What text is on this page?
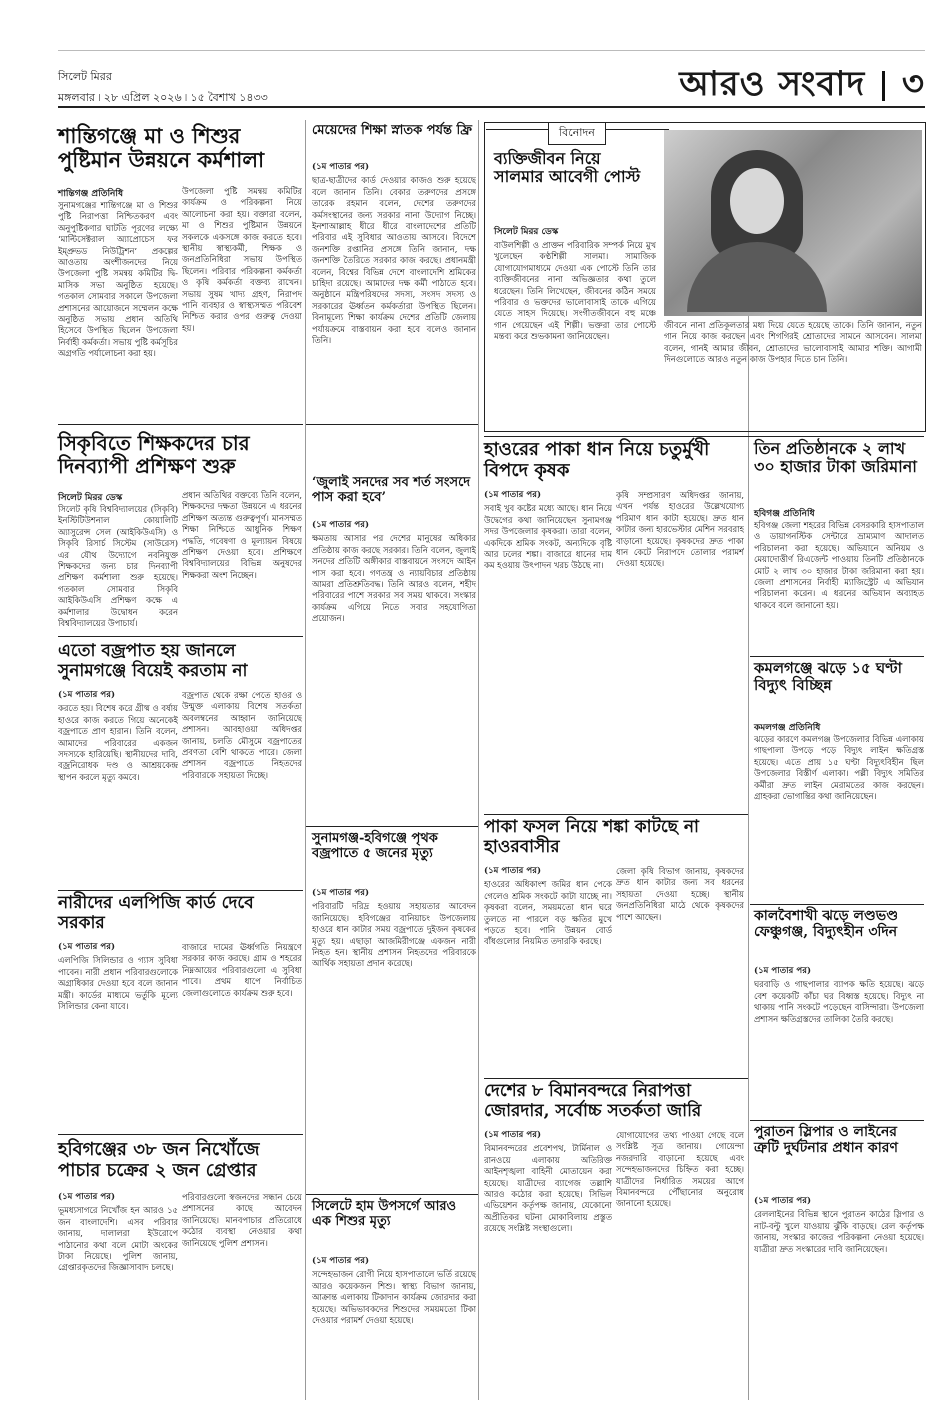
সিলেট মিরর
মঙ্গলবার ৷ ২৮ এপ্রিল ২০২৬ ৷ ১৫ বৈশাখ ১৪৩৩	আরও সংবাদ ৩
শান্তিগঞ্জে মা ও শিশুর পুষ্টিমান উন্নয়নে কর্মশালা
শান্তিগঞ্জ প্রতিনিধি
সুনামগঞ্জের শান্তিগঞ্জে মা ও শিশুর পুষ্টি নিরাপত্তা নিশ্চিতকরণ এবং অনুপুষ্টিকণার ঘাটতি পূরণের লক্ষ্যে ‘মাল্টিসেক্টরাল অ্যাপ্রোচেস ফর ইম্প্রুভড নিউট্রিশন’ প্রকল্পের আওতায় অংশীজনদের নিয়ে উপজেলা পুষ্টি সমন্বয় কমিটির দ্বি-মাসিক সভা অনুষ্ঠিত হয়েছে। গতকাল সোমবার সকালে উপজেলা প্রশাসনের আয়োজনে সম্মেলন কক্ষে অনুষ্ঠিত সভায় প্রধান অতিথি হিসেবে উপস্থিত ছিলেন উপজেলা নির্বাহী কর্মকর্তা। সভায় পুষ্টি কর্মসূচির অগ্রগতি পর্যালোচনা করা হয়।
উপজেলা পুষ্টি সমন্বয় কমিটির কার্যক্রম ও পরিকল্পনা নিয়ে আলোচনা করা হয়। বক্তারা বলেন, মা ও শিশুর পুষ্টিমান উন্নয়নে সকলকে একসঙ্গে কাজ করতে হবে। স্থানীয় স্বাস্থ্যকর্মী, শিক্ষক ও জনপ্রতিনিধিরা সভায় উপস্থিত ছিলেন। পরিবার পরিকল্পনা কর্মকর্তা ও কৃষি কর্মকর্তা বক্তব্য রাখেন। সভায় সুষম খাদ্য গ্রহণ, নিরাপদ পানি ব্যবহার ও স্বাস্থ্যসম্মত পরিবেশ নিশ্চিত করার ওপর গুরুত্ব দেওয়া হয়।
মেয়েদের শিক্ষা স্নাতক পর্যন্ত ফ্রি
(১ম পাতার পর)
ছাত্র-ছাত্রীদের কার্ড দেওয়ার কাজও শুরু হয়েছে বলে জানান তিনি। বেকার তরুণদের প্রসঙ্গে তারেক রহমান বলেন, দেশের তরুণদের কর্মসংস্থানের জন্য সরকার নানা উদ্যোগ নিচ্ছে। ইনশাআল্লাহ ধীরে ধীরে বাংলাদেশের প্রতিটি পরিবার এই সুবিধার আওতায় আসবে। বিদেশে জনশক্তি রপ্তানির প্রসঙ্গে তিনি জানান, দক্ষ জনশক্তি তৈরিতে সরকার কাজ করছে। প্রধানমন্ত্রী বলেন, বিশ্বের বিভিন্ন দেশে বাংলাদেশি শ্রমিকের চাহিদা রয়েছে। আমাদের দক্ষ কর্মী পাঠাতে হবে। অনুষ্ঠানে মন্ত্রিপরিষদের সদস্য, সংসদ সদস্য ও সরকারের ঊর্ধ্বতন কর্মকর্তারা উপস্থিত ছিলেন। বিনামূল্যে শিক্ষা কার্যক্রম দেশের প্রতিটি জেলায় পর্যায়ক্রমে বাস্তবায়ন করা হবে বলেও জানান তিনি।
বিনোদন
ব্যক্তিজীবন নিয়ে সালমার আবেগী পোস্ট
সিলেট মিরর ডেস্ক
বাউলশিল্পী ও প্রাক্তন পরিবারিক সম্পর্ক নিয়ে মুখ খুলেছেন কণ্ঠশিল্পী সালমা। সামাজিক যোগাযোগমাধ্যমে দেওয়া এক পোস্টে তিনি তার ব্যক্তিজীবনের নানা অভিজ্ঞতার কথা তুলে ধরেছেন। তিনি লিখেছেন, জীবনের কঠিন সময়ে পরিবার ও ভক্তদের ভালোবাসাই তাকে এগিয়ে যেতে সাহস দিয়েছে। সংগীতজীবনে বহু মঞ্চে গান গেয়েছেন এই শিল্পী। ভক্তরা তার পোস্টে মন্তব্য করে শুভকামনা জানিয়েছেন।
জীবনে নানা প্রতিকূলতার মধ্য দিয়ে যেতে হয়েছে তাকে। তিনি জানান, নতুন গান নিয়ে কাজ করছেন এবং শিগগিরই শ্রোতাদের সামনে আসবেন। সালমা বলেন, গানই আমার জীবন, শ্রোতাদের ভালোবাসাই আমার শক্তি। আগামী দিনগুলোতে আরও নতুন কাজ উপহার দিতে চান তিনি।
সিকৃবিতে শিক্ষকদের চার দিনব্যাপী প্রশিক্ষণ শুরু
সিলেট মিরর ডেস্ক
সিলেট কৃষি বিশ্ববিদ্যালয়ের (সিকৃবি) ইনস্টিটিউশনাল কোয়ালিটি অ্যাসুরেন্স সেল (আইকিউএসি) ও সিকৃবি রিসার্চ সিস্টেম (সাউরেস) এর যৌথ উদ্যোগে নবনিযুক্ত শিক্ষকদের জন্য চার দিনব্যাপী প্রশিক্ষণ কর্মশালা শুরু হয়েছে। গতকাল সোমবার সিকৃবি আইকিউএসি প্রশিক্ষণ কক্ষে এ কর্মশালার উদ্বোধন করেন বিশ্ববিদ্যালয়ের উপাচার্য।
প্রধান অতিথির বক্তব্যে তিনি বলেন, শিক্ষকদের দক্ষতা উন্নয়নে এ ধরনের প্রশিক্ষণ অত্যন্ত গুরুত্বপূর্ণ। মানসম্মত শিক্ষা নিশ্চিতে আধুনিক শিক্ষণ পদ্ধতি, গবেষণা ও মূল্যায়ন বিষয়ে প্রশিক্ষণ দেওয়া হবে। প্রশিক্ষণে বিশ্ববিদ্যালয়ের বিভিন্ন অনুষদের শিক্ষকরা অংশ নিচ্ছেন।
এতো বজ্রপাত হয় জানলে সুনামগঞ্জে বিয়েই করতাম না
(১ম পাতার পর)
করতে হয়। বিশেষ করে গ্রীষ্ম ও বর্ষায় হাওরে কাজ করতে গিয়ে অনেকেই বজ্রপাতে প্রাণ হারান। তিনি বলেন, আমাদের পরিবারের একজন সদস্যকে হারিয়েছি। স্থানীয়দের দাবি, বজ্রনিরোধক দণ্ড ও আশ্রয়কেন্দ্র স্থাপন করলে মৃত্যু কমবে।
বজ্রপাত থেকে রক্ষা পেতে হাওর ও উন্মুক্ত এলাকায় বিশেষ সতর্কতা অবলম্বনের আহ্বান জানিয়েছে প্রশাসন। আবহাওয়া অধিদপ্তর জানায়, চলতি মৌসুমে বজ্রপাতের প্রবণতা বেশি থাকতে পারে। জেলা প্রশাসন বজ্রপাতে নিহতদের পরিবারকে সহায়তা দিচ্ছে।
নারীদের এলপিজি কার্ড দেবে সরকার
(১ম পাতার পর)
এলপিজি সিলিন্ডার ও গ্যাস সুবিধা পাবেন। নারী প্রধান পরিবারগুলোকে অগ্রাধিকার দেওয়া হবে বলে জানান মন্ত্রী। কার্ডের মাধ্যমে ভর্তুকি মূল্যে সিলিন্ডার কেনা যাবে।
বাজারে দামের ঊর্ধ্বগতি নিয়ন্ত্রণে সরকার কাজ করছে। গ্রাম ও শহরের নিম্নআয়ের পরিবারগুলো এ সুবিধা পাবে। প্রথম ধাপে নির্বাচিত জেলাগুলোতে কার্যক্রম শুরু হবে।
হবিগঞ্জের ৩৮ জন নিখোঁজে পাচার চক্রের ২ জন গ্রেপ্তার
(১ম পাতার পর)
ভূমধ্যসাগরে নিখোঁজ হন আরও ১৫ জন বাংলাদেশি। এসব পরিবার জানায়, দালালরা ইউরোপে পাঠানোর কথা বলে মোটা অংকের টাকা নিয়েছে। পুলিশ জানায়, গ্রেপ্তারকৃতদের জিজ্ঞাসাবাদ চলছে।
পরিবারগুলো স্বজনদের সন্ধান চেয়ে প্রশাসনের কাছে আবেদন জানিয়েছে। মানবপাচার প্রতিরোধে কঠোর ব্যবস্থা নেওয়ার কথা জানিয়েছে পুলিশ প্রশাসন।
‘জুলাই সনদের সব শর্ত সংসদে পাস করা হবে’
(১ম পাতার পর)
ক্ষমতায় আসার পর দেশের মানুষের অধিকার প্রতিষ্ঠায় কাজ করছে সরকার। তিনি বলেন, জুলাই সনদের প্রতিটি অঙ্গীকার বাস্তবায়নে সংসদে আইন পাস করা হবে। গণতন্ত্র ও ন্যায়বিচার প্রতিষ্ঠায় আমরা প্রতিশ্রুতিবদ্ধ। তিনি আরও বলেন, শহীদ পরিবারের পাশে সরকার সব সময় থাকবে। সংস্কার কার্যক্রম এগিয়ে নিতে সবার সহযোগিতা প্রয়োজন।
সুনামগঞ্জ-হবিগঞ্জে পৃথক বজ্রপাতে ৫ জনের মৃত্যু
(১ম পাতার পর)
পরিবারটি দরিদ্র হওয়ায় সহায়তার আবেদন জানিয়েছে। হবিগঞ্জের বানিয়াচং উপজেলায় হাওরে ধান কাটার সময় বজ্রপাতে দুইজন কৃষকের মৃত্যু হয়। এছাড়া আজমিরীগঞ্জে একজন নারী নিহত হন। স্থানীয় প্রশাসন নিহতদের পরিবারকে আর্থিক সহায়তা প্রদান করেছে।
সিলেটে হাম উপসর্গে আরও এক শিশুর মৃত্যু
(১ম পাতার পর)
সন্দেহভাজন রোগী নিয়ে হাসপাতালে ভর্তি রয়েছে আরও কয়েকজন শিশু। স্বাস্থ্য বিভাগ জানায়, আক্রান্ত এলাকায় টিকাদান কার্যক্রম জোরদার করা হয়েছে। অভিভাবকদের শিশুদের সময়মতো টিকা দেওয়ার পরামর্শ দেওয়া হয়েছে।
হাওরের পাকা ধান নিয়ে চতুর্মুখী বিপদে কৃষক
(১ম পাতার পর)
সবাই খুব কষ্টের মধ্যে আছে। ধান নিয়ে উদ্বেগের কথা জানিয়েছেন সুনামগঞ্জ সদর উপজেলার কৃষকরা। তারা বলেন, একদিকে শ্রমিক সংকট, অন্যদিকে বৃষ্টি আর ঢলের শঙ্কা। বাজারে ধানের দাম কম হওয়ায় উৎপাদন খরচ উঠছে না।
কৃষি সম্প্রসারণ অধিদপ্তর জানায়, এখন পর্যন্ত হাওরের উল্লেখযোগ্য পরিমাণ ধান কাটা হয়েছে। দ্রুত ধান কাটার জন্য হারভেস্টার মেশিন সরবরাহ বাড়ানো হয়েছে। কৃষকদের দ্রুত পাকা ধান কেটে নিরাপদে তোলার পরামর্শ দেওয়া হয়েছে।
পাকা ফসল নিয়ে শঙ্কা কাটছে না হাওরবাসীর
(১ম পাতার পর)
হাওরের অধিকাংশ জমির ধান পেকে গেলেও শ্রমিক সংকটে কাটা যাচ্ছে না। কৃষকরা বলেন, সময়মতো ধান ঘরে তুলতে না পারলে বড় ক্ষতির মুখে পড়তে হবে। পানি উন্নয়ন বোর্ড বাঁধগুলোর নিয়মিত তদারকি করছে।
জেলা কৃষি বিভাগ জানায়, কৃষকদের দ্রুত ধান কাটার জন্য সব ধরনের সহায়তা দেওয়া হচ্ছে। স্থানীয় জনপ্রতিনিধিরা মাঠে থেকে কৃষকদের পাশে আছেন।
দেশের ৮ বিমানবন্দরে নিরাপত্তা জোরদার, সর্বোচ্চ সতর্কতা জারি
(১ম পাতার পর)
বিমানবন্দরের প্রবেশপথ, টার্মিনাল ও রানওয়ে এলাকায় অতিরিক্ত আইনশৃঙ্খলা বাহিনী মোতায়েন করা হয়েছে। যাত্রীদের ব্যাগেজ তল্লাশি আরও কঠোর করা হয়েছে। সিভিল এভিয়েশন কর্তৃপক্ষ জানায়, যেকোনো অপ্রীতিকর ঘটনা মোকাবিলায় প্রস্তুত রয়েছে সংশ্লিষ্ট সংস্থাগুলো।
যোগাযোগের তথ্য পাওয়া গেছে বলে সংশ্লিষ্ট সূত্র জানায়। গোয়েন্দা নজরদারি বাড়ানো হয়েছে এবং সন্দেহভাজনদের চিহ্নিত করা হচ্ছে। যাত্রীদের নির্ধারিত সময়ের আগে বিমানবন্দরে পৌঁছানোর অনুরোধ জানানো হয়েছে।
তিন প্রতিষ্ঠানকে ২ লাখ ৩০ হাজার টাকা জরিমানা
হবিগঞ্জ প্রতিনিধি
হবিগঞ্জ জেলা শহরের বিভিন্ন বেসরকারি হাসপাতাল ও ডায়াগনস্টিক সেন্টারে ভ্রাম্যমাণ আদালত পরিচালনা করা হয়েছে। অভিযানে অনিয়ম ও মেয়াদোত্তীর্ণ রিএজেন্ট পাওয়ায় তিনটি প্রতিষ্ঠানকে মোট ২ লাখ ৩০ হাজার টাকা জরিমানা করা হয়। জেলা প্রশাসনের নির্বাহী ম্যাজিস্ট্রেট এ অভিযান পরিচালনা করেন। এ ধরনের অভিযান অব্যাহত থাকবে বলে জানানো হয়।
কমলগঞ্জে ঝড়ে ১৫ ঘণ্টা বিদ্যুৎ বিচ্ছিন্ন
কমলগঞ্জ প্রতিনিধি
ঝড়ের কারণে কমলগঞ্জ উপজেলার বিভিন্ন এলাকায় গাছপালা উপড়ে পড়ে বিদ্যুৎ লাইন ক্ষতিগ্রস্ত হয়েছে। এতে প্রায় ১৫ ঘণ্টা বিদ্যুৎবিহীন ছিল উপজেলার বিস্তীর্ণ এলাকা। পল্লী বিদ্যুৎ সমিতির কর্মীরা দ্রুত লাইন মেরামতের কাজ করছেন। গ্রাহকরা ভোগান্তির কথা জানিয়েছেন।
কালবৈশাখী ঝড়ে লণ্ডভণ্ড ফেঞ্চুগঞ্জ, বিদ্যুৎহীন ৩দিন
(১ম পাতার পর)
ঘরবাড়ি ও গাছপালার ব্যাপক ক্ষতি হয়েছে। ঝড়ে বেশ কয়েকটি কাঁচা ঘর বিধ্বস্ত হয়েছে। বিদ্যুৎ না থাকায় পানি সংকটে পড়েছেন বাসিন্দারা। উপজেলা প্রশাসন ক্ষতিগ্রস্তদের তালিকা তৈরি করছে।
পুরাতন স্লিপার ও লাইনের ত্রুটি দুর্ঘটনার প্রধান কারণ
(১ম পাতার পর)
রেললাইনের বিভিন্ন স্থানে পুরাতন কাঠের স্লিপার ও নাট-বল্টু খুলে যাওয়ায় ঝুঁকি বাড়ছে। রেল কর্তৃপক্ষ জানায়, সংস্কার কাজের পরিকল্পনা নেওয়া হয়েছে। যাত্রীরা দ্রুত সংস্কারের দাবি জানিয়েছেন।
